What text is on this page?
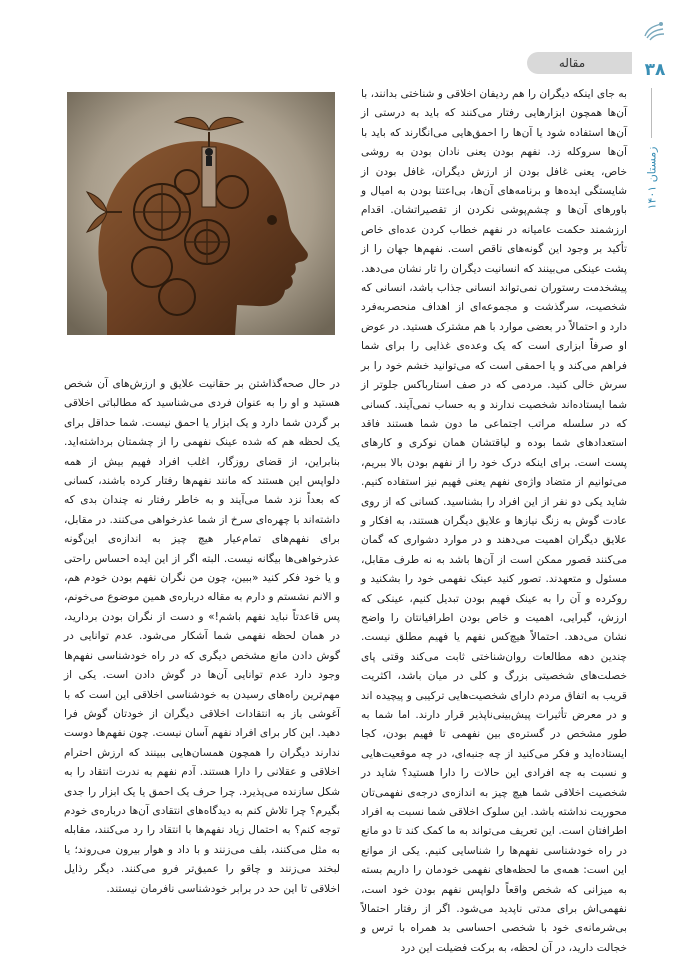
مقاله	۳۸
زمستان ۱۴۰۱

به جای اینکه دیگران را هم ردیفان اخلاقی و شناختی بدانند، با آن‌ها همچون ابزارهایی رفتار می‌کنند که باید به درستی از آن‌ها استفاده شود یا آن‌ها را احمق‌هایی می‌انگارند که باید با آن‌ها سروکله زد. نفهم بودن یعنی نادان بودن به روشی خاص، یعنی غافل بودن از ارزش دیگران، غافل بودن از شایستگی ایده‌ها و برنامه‌های آن‌ها، بی‌اعتنا بودن به امیال و باورهای آن‌ها و چشم‌پوشی نکردن از تقصیراتشان. اقدام ارزشمند حکمت عامیانه در نفهم خطاب کردن عده‌ای خاص تأکید بر وجود این گونه‌های ناقص است. نفهم‌ها جهان را از پشت عینکی می‌بینند که انسانیت دیگران را تار نشان می‌دهد. پیشخدمت رستوران نمی‌تواند انسانی جذاب باشد، انسانی که شخصیت، سرگذشت و مجموعه‌ای از اهداف منحصربه‌فرد دارد و احتمالاً در بعضی موارد با هم مشترک هستید. در عوض او صرفاً ابزاری است که یک وعده‌ی غذایی را برای شما فراهم می‌کند و یا احمقی است که می‌توانید خشم خود را بر سرش خالی کنید. مردمی که در صف استارباکس جلوتر از شما ایستاده‌اند شخصیت ندارند و به حساب نمی‌آیند. کسانی که در سلسله مراتب اجتماعی ما دون شما هستند فاقد استعدادهای شما بوده و لیاقتشان همان نوکری و کارهای پست است. برای اینکه درک خود را از نفهم بودن بالا ببریم، می‌توانیم از متضاد واژه‌ی نفهم یعنی فهیم نیز استفاده کنیم. شاید یکی دو نفر از این افراد را بشناسید. کسانی که از روی عادت گوش به زنگ نیازها و علایق دیگران هستند، به افکار و علایق دیگران اهمیت می‌دهند و در موارد دشواری که گمان می‌کنند قصور ممکن است از آن‌ها باشد به نه طرف مقابل، مسئول و متعهدند. تصور کنید عینک نفهمی خود را بشکنید و روکرده و آن را به عینک فهیم بودن تبدیل کنیم، عینکی که ارزش، گیرایی، اهمیت و خاص بودن اطرافیانتان را واضح نشان می‌دهد. احتمالاً هیچ‌کس نفهم یا فهیم مطلق نیست. چندین دهه مطالعات روان‌شناختی ثابت می‌کند وقتی پای خصلت‌های شخصیتی بزرگ و کلی در میان باشد، اکثریت قریب به اتفاق مردم دارای شخصیت‌هایی ترکیبی و پیچیده اند و در معرض تأثیرات پیش‌بینی‌ناپذیر قرار دارند. اما شما به طور مشخص در گستره‌ی بین نفهمی تا فهیم بودن، کجا ایستاده‌اید و فکر می‌کنید از چه جنبه‌ای، در چه موقعیت‌هایی و نسبت به چه افرادی این حالات را دارا هستید؟ شاید در شخصیت اخلاقی شما هیچ چیز به اندازه‌ی درجه‌ی نفهمی‌تان محوریت نداشته باشد. این سلوک اخلاقی شما نسبت به افراد اطرافتان است. این تعریف می‌تواند به ما کمک کند تا دو مانع در راه خودشناسی نفهم‌ها را شناسایی کنیم. یکی از موانع این است: همه‌ی ما لحظه‌های نفهمی خودمان را داریم بسته به میزانی که شخص واقعاً دلواپس نفهم بودن خود است، نفهمی‌اش برای مدتی ناپدید می‌شود. اگر از رفتار احتمالاً بی‌شرمانه‌ی خود با شخصی احساسی بد همراه با ترس و خجالت دارید، در آن لحظه، به برکت فضیلت این درد

در حال صحه‌گذاشتن بر حقانیت علایق و ارزش‌های آن شخص هستید و او را به عنوان فردی می‌شناسید که مطالباتی اخلاقی بر گردن شما دارد و یک ابزار یا احمق نیست. شما حداقل برای یک لحظه هم که شده عینک نفهمی را از چشمتان برداشته‌اید. بنابراین، از قضای روزگار، اغلب افراد فهیم بیش از همه دلواپس این هستند که مانند نفهم‌ها رفتار کرده باشند، کسانی که بعداً نزد شما می‌آیند و به خاطر رفتار نه چندان بدی که داشته‌اند با چهره‌ای سرخ از شما عذرخواهی می‌کنند. در مقابل، برای نفهم‌های تمام‌عیار هیچ چیز به اندازه‌ی این‌گونه عذرخواهی‌ها بیگانه نیست. البته اگر از این ایده احساس راحتی و یا خود فکر کنید «ببین، چون من نگران نفهم بودن خودم هم، و الانم نشستم و دارم به مقاله درباره‌ی همین موضوع می‌خونم، پس قاعدتاً نباید نفهم باشم!» و دست از نگران بودن بردارید، در همان لحظه نفهمی شما آشکار می‌شود. عدم توانایی در گوش دادن مانع مشخص دیگری که در راه خودشناسی نفهم‌ها وجود دارد عدم توانایی آن‌ها در گوش دادن است. یکی از مهم‌ترین راه‌های رسیدن به خودشناسی اخلاقی این است که با آغوشی باز به انتقادات اخلاقی دیگران از خودتان گوش فرا دهید. این کار برای افراد نفهم آسان نیست. چون نفهم‌ها دوست ندارند دیگران را همچون همسان‌هایی ببینند که ارزش احترام اخلاقی و عقلانی را دارا هستند. آدم نفهم به ندرت انتقاد را به شکل سازنده می‌پذیرد. چرا حرف یک احمق یا یک ابزار را جدی بگیرم؟ چرا تلاش کنم به دیدگاه‌های انتقادی آن‌ها درباره‌ی خودم توجه کنم؟ به احتمال زیاد نفهم‌ها با انتقاد را رد می‌کنند، مقابله به مثل می‌کنند، بلف می‌زنند و با داد و هوار بیرون می‌روند؛ یا لبخند می‌زنند و چاقو را عمیق‌تر فرو می‌کنند. دیگر رذایل اخلاقی تا این حد در برابر خودشناسی نافرمان نیستند.
